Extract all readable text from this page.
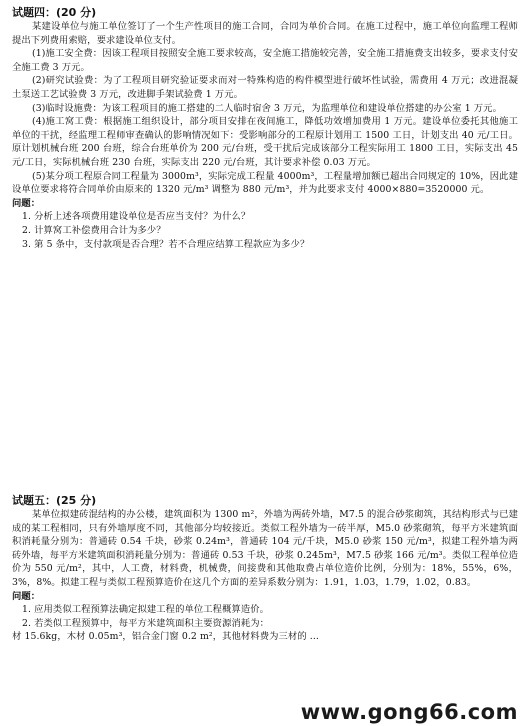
试题四：(20 分)

某建设单位与施工单位签订了一个生产性项目的施工合同，合同为单价合同。在施工过程中，施工单位向监理工程师提出下列费用索赔，要求建设单位支付。

(1)施工安全费：因该工程项目按照安全施工要求较高，安全施工措施较完善，安全施工措施费支出较多，要求支付安全施工费 3 万元。

(2)研究试验费：为了工程项目研究验证要求而对一特殊构造的构件模型进行破坏性试验，需费用 4 万元；改进混凝土泵送工艺试验费 3 万元，改进脚手架试验费 1 万元。

(3)临时设施费：为该工程项目的施工搭建的二人临时宿舍 3 万元，为监理单位和建设单位搭建的办公室 1 万元。

(4)施工窝工费：根据施工组织设计，部分项目安排在夜间施工，降低功效增加费用 1 万元。建设单位委托其他施工单位的干扰，经监理工程师审查确认的影响情况如下：受影响部分的工程原计划用工 1500 工日，计划支出 40 元/工日。原计划机械台班 200 台班，综合台班单价为 200 元/台班，受干扰后完成该部分工程实际用工 1800 工日，实际支出 45 元/工日，实际机械台班 230 台班，实际支出 220 元/台班，其计要求补偿 0.03 万元。

(5)某分项工程原合同工程量为 3000m³，实际完成工程量 4000m³，工程量增加额已超出合同规定的 10%，因此建设单位要求将符合同单价由原来的 1320 元/m³ 调整为 880 元/m³，并为此要求支付 4000×880=3520000 元。

问题：

1. 分析上述各项费用建设单位是否应当支付？为什么？

2. 计算窝工补偿费用合计为多少？

3. 第 5 条中，支付款项是否合理？若不合理应结算工程款应为多少？

试题五：(25 分)

某单位拟建砖混结构的办公楼，建筑面积为 1300 m²，外墙为两砖外墙，M7.5 的混合砂浆砌筑，其结构形式与已建成的某工程相同，只有外墙厚度不同，其他部分均较接近。类似工程外墙为一砖半厚，M5.0 砂浆砌筑，每平方米建筑面积消耗量分别为：普通砖 0.54 千块，砂浆 0.24m³，普通砖 104 元/千块，M5.0 砂浆 150 元/m³，拟建工程外墙为两砖外墙，每平方米建筑面积消耗量分别为：普通砖 0.53 千块，砂浆 0.245m³，M7.5 砂浆 166 元/m³。类似工程单位造价为 550 元/m²，其中，人工费，材料费，机械费，间接费和其他取费占单位造价比例，分别为：18%，55%，6%，3%，8%。拟建工程与类似工程预算造价在这几个方面的差异系数分别为：1.91，1.03，1.79，1.02，0.83。

问题：

1. 应用类似工程预算法确定拟建工程的单位工程概算造价。

2. 若类似工程预算中，每平方米建筑面积主要资源消耗为：

材 15.6kg，木材 0.05m³，铝合金门窗 0.2 m²，其他材料费为三材的 ...

www.gong66.com
